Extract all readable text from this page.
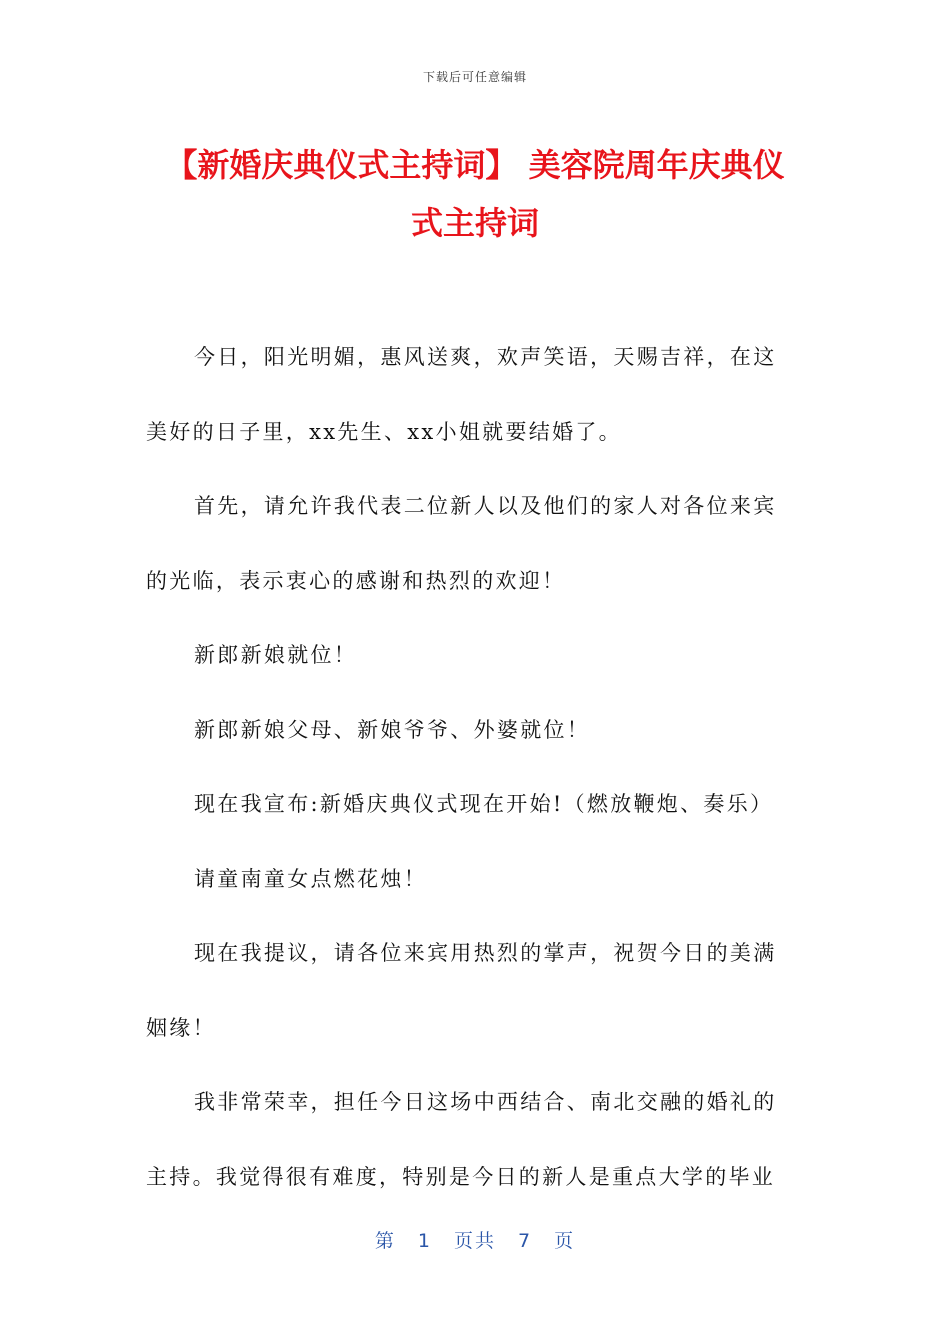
下载后可任意编辑
【新婚庆典仪式主持词】 美容院周年庆典仪式主持词

今日，阳光明媚，惠风送爽，欢声笑语，天赐吉祥，在这美好的日子里，xx先生、xx小姐就要结婚了。

首先，请允许我代表二位新人以及他们的家人对各位来宾的光临，表示衷心的感谢和热烈的欢迎！

新郎新娘就位！

新郎新娘父母、新娘爷爷、外婆就位！

现在我宣布:新婚庆典仪式现在开始!（燃放鞭炮、奏乐）

请童南童女点燃花烛！

现在我提议，请各位来宾用热烈的掌声，祝贺今日的美满姻缘！

我非常荣幸，担任今日这场中西结合、南北交融的婚礼的主持。我觉得很有难度，特别是今日的新人是重点大学的毕业

第 1 页共 7 页
